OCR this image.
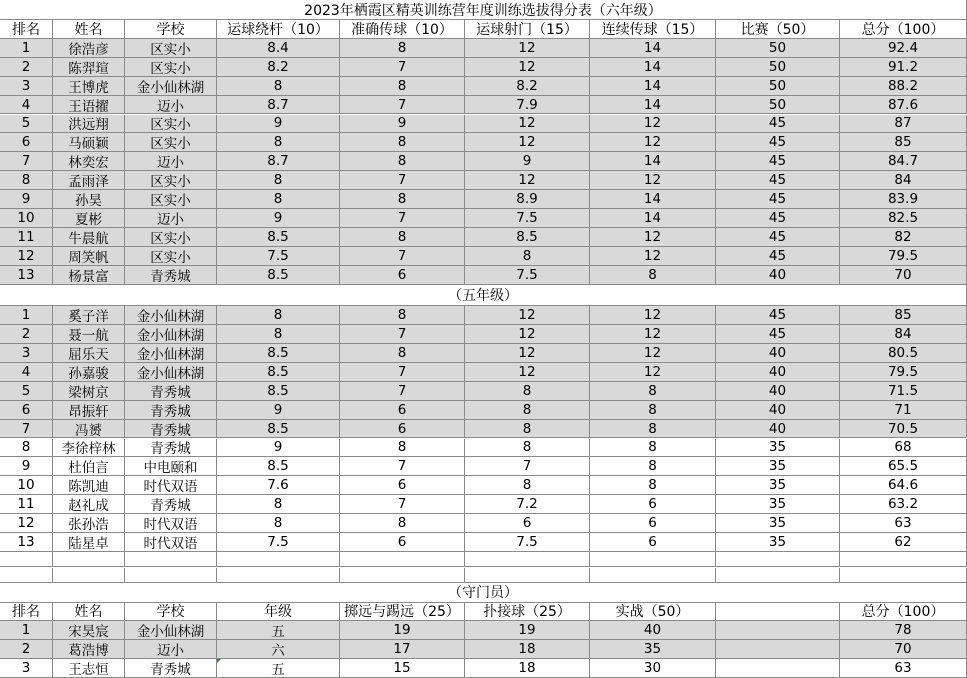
2023年栖霞区精英训练营年度训练选拔得分表（六年级）
排名	姓名	学校	运球绕杆（10）	准确传球（10）	运球射门（15）	连续传球（15）	比赛（50）	总分（100）
1	徐浩彦	区实小	8.4	8	12	14	50	92.4
2	陈羿瑄	区实小	8.2	7	12	14	50	91.2
3	王博虎	金小仙林湖	8	8	8.2	14	50	88.2
4	王语擢	迈小	8.7	7	7.9	14	50	87.6
5	洪远翔	区实小	9	9	12	12	45	87
6	马硕颖	区实小	8	8	12	12	45	85
7	林奕宏	迈小	8.7	8	9	14	45	84.7
8	孟雨泽	区实小	8	7	12	12	45	84
9	孙昊	区实小	8	8	8.9	14	45	83.9
10	夏彬	迈小	9	7	7.5	14	45	82.5
11	牛晨航	区实小	8.5	8	8.5	12	45	82
12	周笑帆	区实小	7.5	7	8	12	45	79.5
13	杨景富	青秀城	8.5	6	7.5	8	40	70
（五年级）
1	奚子洋	金小仙林湖	8	8	12	12	45	85
2	聂一航	金小仙林湖	8	7	12	12	45	84
3	屈乐天	金小仙林湖	8.5	8	12	12	40	80.5
4	孙嘉骏	金小仙林湖	8.5	7	12	12	40	79.5
5	梁树京	青秀城	8.5	7	8	8	40	71.5
6	昂振轩	青秀城	9	6	8	8	40	71
7	冯赟	青秀城	8.5	6	8	8	40	70.5
8	李徐梓林	青秀城	9	8	8	8	35	68
9	杜伯言	中电颐和	8.5	7	7	8	35	65.5
10	陈凯迪	时代双语	7.6	6	8	8	35	64.6
11	赵礼成	青秀城	8	7	7.2	6	35	63.2
12	张孙浩	时代双语	8	8	6	6	35	63
13	陆星卓	时代双语	7.5	6	7.5	6	35	62
（守门员）
排名	姓名	学校	年级	掷远与踢远（25）	扑接球（25）	实战（50）	总分（100）
1	宋昊宸	金小仙林湖	五	19	19	40	78
2	葛浩博	迈小	六	17	18	35	70
3	王志恒	青秀城	五	15	18	30	63
